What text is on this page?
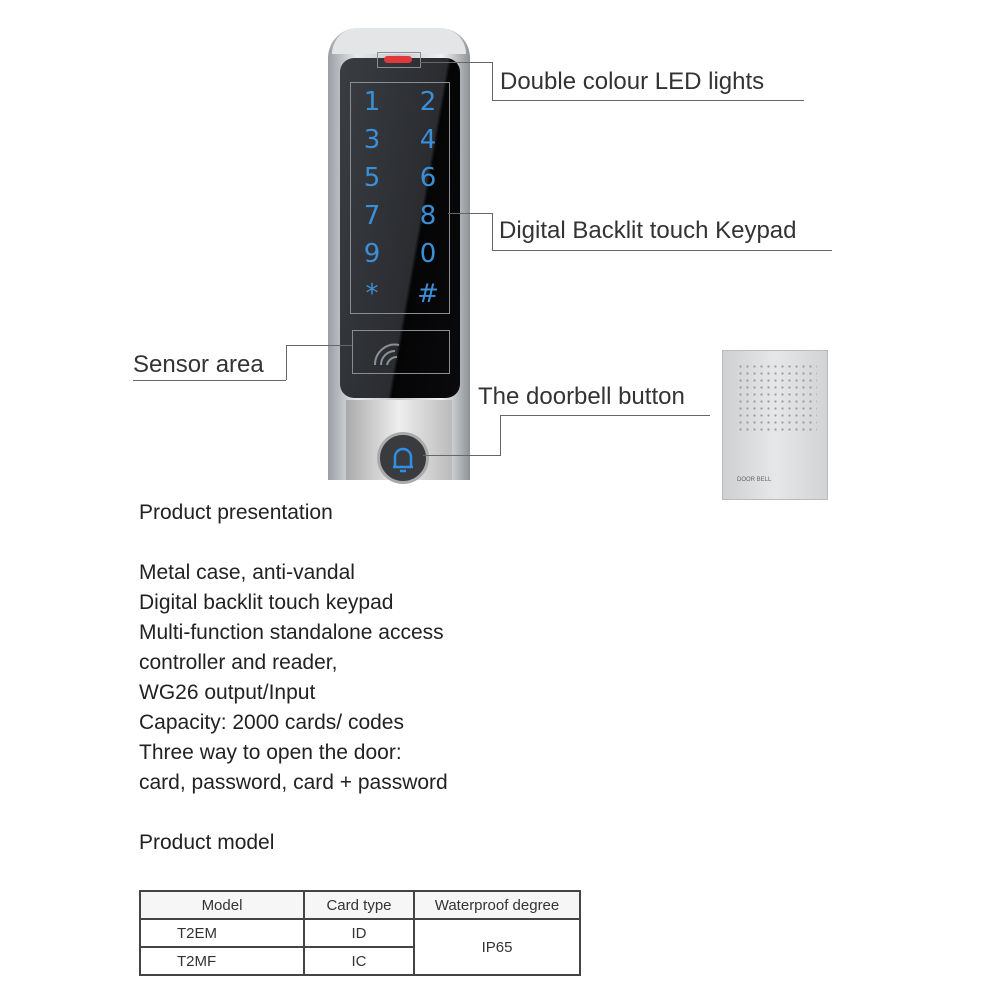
1 2
3 4
5 6
7 8
9 0
*	#
Double colour LED lights
Digital Backlit touch Keypad
Sensor area
The doorbell button
DOOR BELL
Product presentation
Metal case, anti-vandal
Digital backlit touch keypad
Multi-function standalone access
controller and reader,
WG26 output/Input
Capacity: 2000 cards/ codes
Three way to open the door:
card, password, card + password
Product model
Model	Card type	Waterproof degree
T2EM	ID	IP65
T2MF	IC	
